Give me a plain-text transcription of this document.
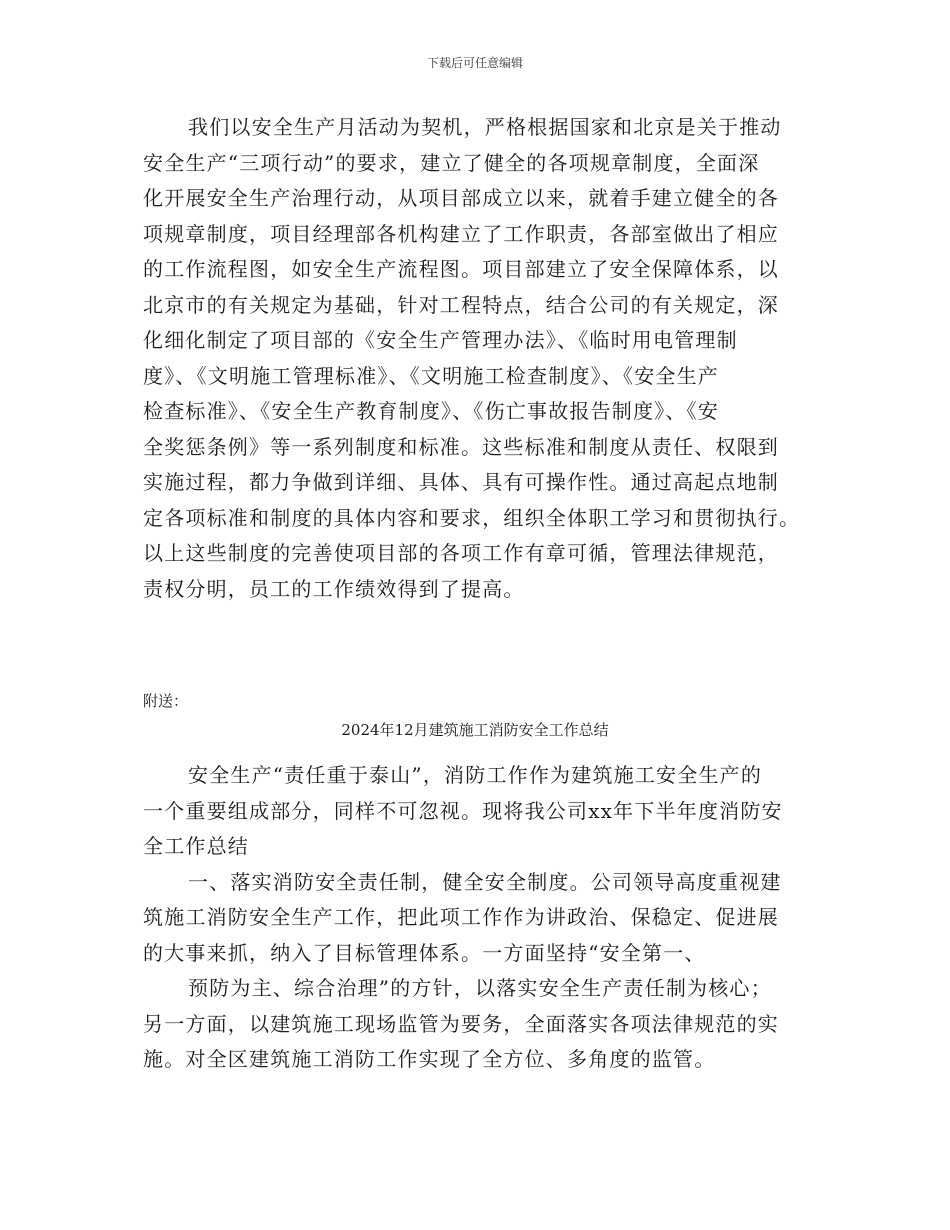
下载后可任意编辑
我们以安全生产月活动为契机，严格根据国家和北京是关于推动
安全生产“三项行动”的要求，建立了健全的各项规章制度，全面深
化开展安全生产治理行动，从项目部成立以来，就着手建立健全的各
项规章制度，项目经理部各机构建立了工作职责，各部室做出了相应
的工作流程图，如安全生产流程图。项目部建立了安全保障体系，以
北京市的有关规定为基础，针对工程特点，结合公司的有关规定，深
化细化制定了项目部的《安全生产管理办法》、《临时用电管理制
度》、《文明施工管理标准》、《文明施工检查制度》、《安全生产
检查标准》、《安全生产教育制度》、《伤亡事故报告制度》、《安
全奖惩条例》等一系列制度和标准。这些标准和制度从责任、权限到
实施过程，都力争做到详细、具体、具有可操作性。通过高起点地制
定各项标准和制度的具体内容和要求，组织全体职工学习和贯彻执行。
以上这些制度的完善使项目部的各项工作有章可循，管理法律规范，
责权分明，员工的工作绩效得到了提高。
附送：
2024年12月建筑施工消防安全工作总结
安全生产“责任重于泰山”，消防工作作为建筑施工安全生产的
一个重要组成部分，同样不可忽视。现将我公司xx年下半年度消防安
全工作总结
一、落实消防安全责任制，健全安全制度。公司领导高度重视建
筑施工消防安全生产工作，把此项工作作为讲政治、保稳定、促进展
的大事来抓，纳入了目标管理体系。一方面坚持“安全第一、
预防为主、综合治理”的方针，以落实安全生产责任制为核心；
另一方面，以建筑施工现场监管为要务，全面落实各项法律规范的实
施。对全区建筑施工消防工作实现了全方位、多角度的监管。
